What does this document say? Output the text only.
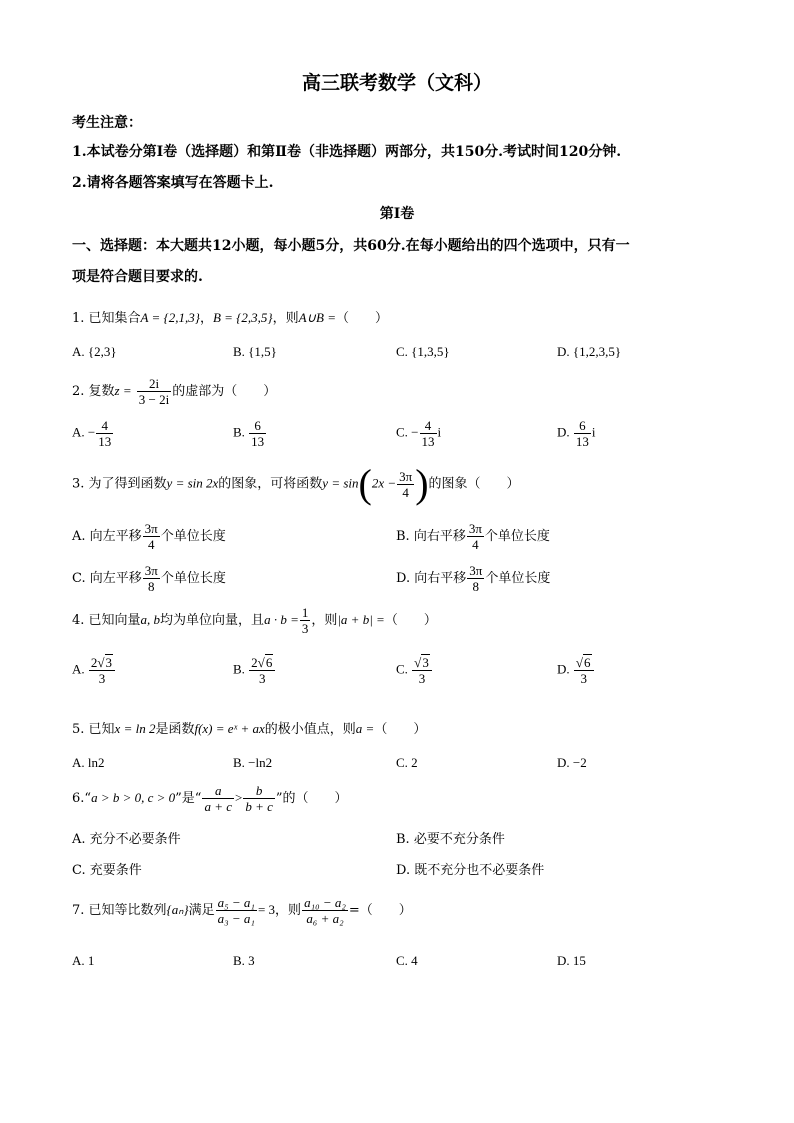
高三联考数学（文科）
考生注意：
1.本试卷分第Ⅰ卷（选择题）和第Ⅱ卷（非选择题）两部分，共150分.考试时间120分钟.
2.请将各题答案填写在答题卡上.
第Ⅰ卷
一、选择题：本大题共12小题，每小题5分，共60分.在每小题给出的四个选项中，只有一
项是符合题目要求的.
1. 已知集合A = {2,1,3}，B = {2,3,5}，则A∪B =（　　）
A. {2,3}	B. {1,5}	C. {1,3,5}	D. {1,2,3,5}
2. 复数$z = \frac{2i}{3 - 2i}$ 的虚部为（　　）
A. − $\frac{4}{13}$	B. $\frac{6}{13}$	C. − $\frac{4}{13}$ i	D. $\frac{6}{13}$ i
3. 为了得到函数y = sin 2x的图象，可将函数$y = \sin(2x - \frac{3\pi}{4}$ )的图象（　　）
A. 向左平移 $\frac{3\pi}{4}$ 个单位长度	B. 向右平移 $\frac{3\pi}{4}$ 个单位长度
C. 向左平移 $\frac{3\pi}{8}$ 个单位长度	D. 向右平移 $\frac{3\pi}{8}$ 个单位长度
4. 已知向量a, b均为单位向量，且$a \cdot b = \frac{1}{3}$ ，则|a + b| =（　　）
A. $\frac{2√3}{3}$	B. $\frac{2√6}{3}$	C. $\frac{√3}{3}$	D. $\frac{√6}{3}$
5. 已知x = ln 2是函数f(x) = eˣ + ax的极小值点，则a =（　　）
A. ln2	B. −ln2	C. 2	D. −2
6.“a > b > 0, c > 0”是“ $\frac{a}{a + c} > \frac{b}{b + c}$ ”的（　　）
A. 充分不必要条件	B. 必要不充分条件
C. 充要条件	D. 既不充分也不必要条件
7. 已知等比数列{aₙ}满足 $\frac{\text{a₅ − a₁}}{\text{a₃ − a₁}} = 3$，则 $\frac{\text{a₁₀ − a₂}}{\text{a₆ + a₂}}$ =（　　）
A. 1	B. 3	C. 4	D. 15
